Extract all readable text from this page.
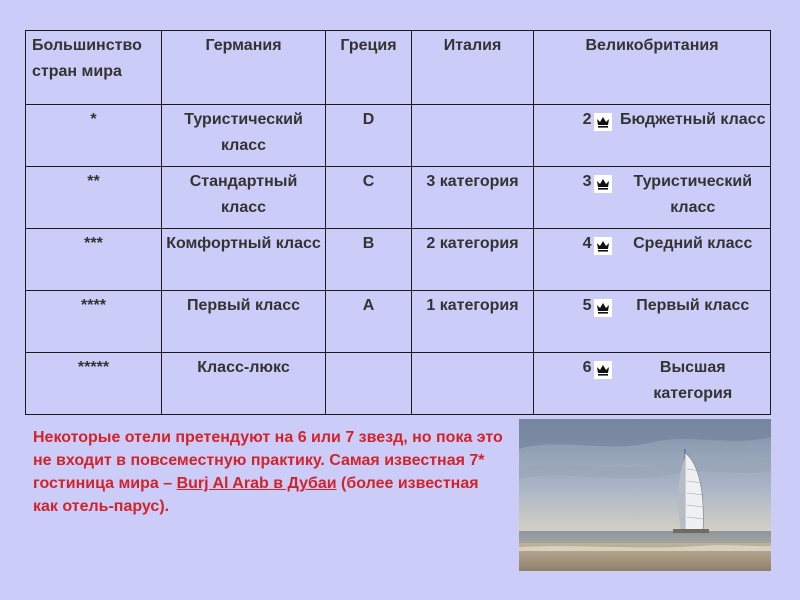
Большинство стран мира	Германия	Греция	Италия	Великобритания	
*	Туристический класс	D		2	Бюджетный класс
**	Стандартный класс	C	3 категория	3	Туристический класс
***	Комфортный класс	B	2 категория	4	Средний класс
****	Первый класс	A	1 категория	5	Первый класс
*****	Класс-люкс			6	Высшая категория
Некоторые отели претендуют на 6 или 7 звезд, но пока это не входит в повсеместную практику. Самая известная 7* гостиница мира – Burj Al Arab в Дубаи (более известная как отель-парус).
